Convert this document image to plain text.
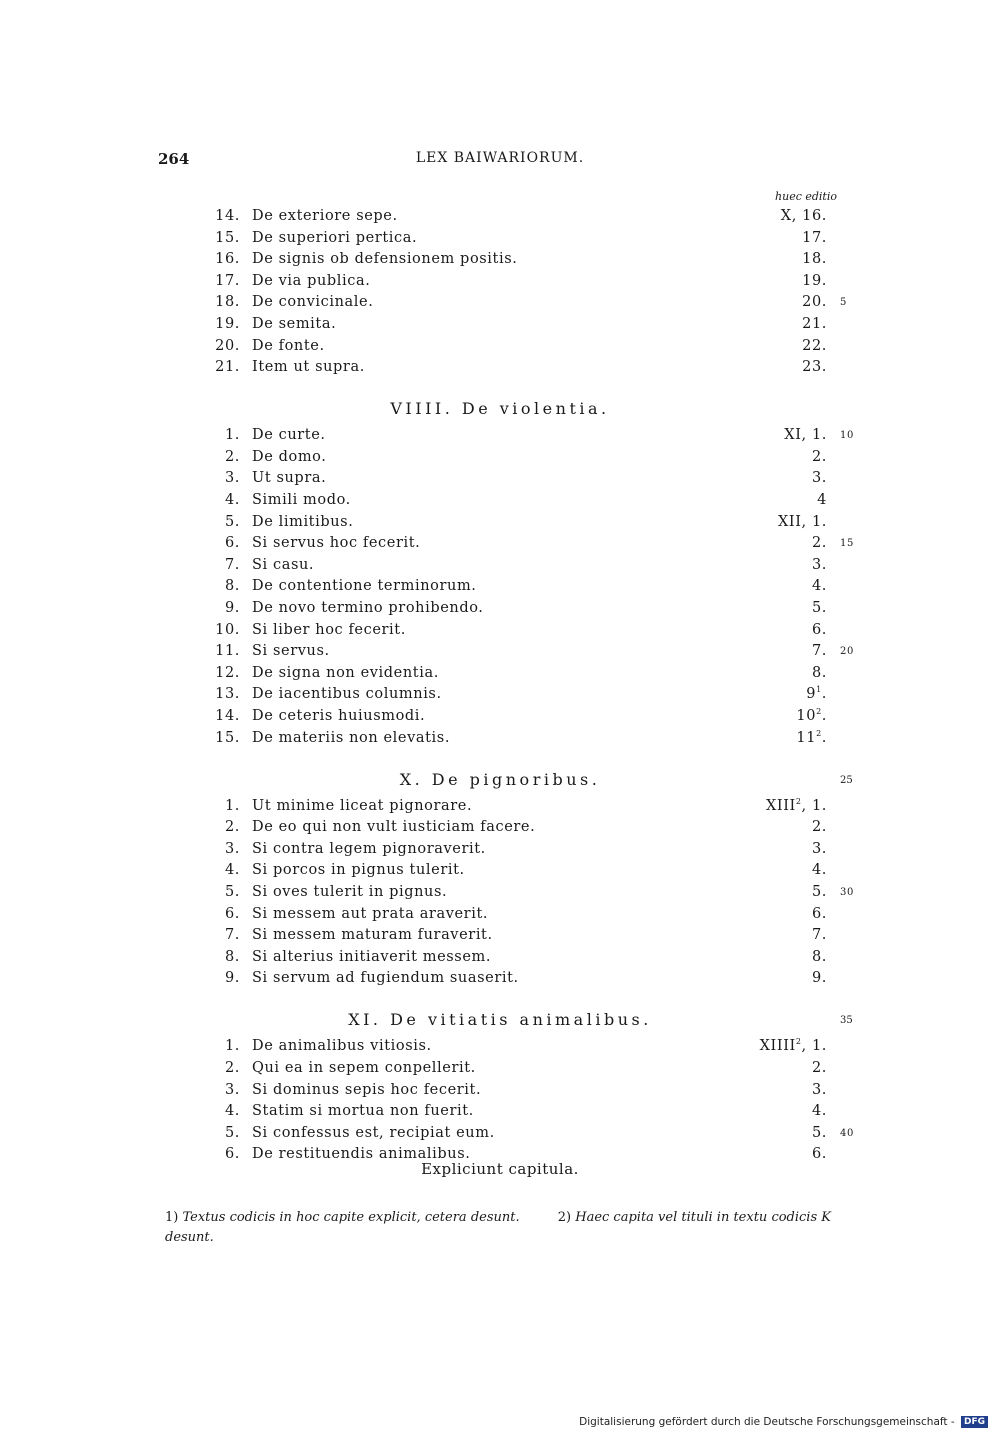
264	LEX BAIWARIORUM.
huec editio
14. De exteriore sepe.	X, 16.
15. De superiori pertica.	17.
16. De signis ob defensionem positis.	18.
17. De via publica.	19.
18. De convicinale.	20. 5
19. De semita.	21.
20. De fonte.	22.
21. Item ut supra.	23.
VIIII. De violentia.
1. De curte.	XI, 1. 10
2. De domo.	2.
3. Ut supra.	3.
4. Simili modo.	4
5. De limitibus.	XII, 1.
6. Si servus hoc fecerit.	2. 15
7. Si casu.	3.
8. De contentione terminorum.	4.
9. De novo termino prohibendo.	5.
10. Si liber hoc fecerit.	6.
11. Si servus.	7. 20
12. De signa non evidentia.	8.
13. De iacentibus columnis.	$9^1$.
14. De ceteris huiusmodi.	$10^2$.
15. De materiis non elevatis.	$11^2$.
X. De pignoribus.	25
1. Ut minime liceat pignorare.	XIII$^2$, 1.
2. De eo qui non vult iusticiam facere.	2.
3. Si contra legem pignoraverit.	3.
4. Si porcos in pignus tulerit.	4.
5. Si oves tulerit in pignus.	5. 30
6. Si messem aut prata araverit.	6.
7. Si messem maturam furaverit.	7.
8. Si alterius initiaverit messem.	8.
9. Si servum ad fugiendum suaserit.	9.
XI. De vitiatis animalibus.	35
1. De animalibus vitiosis.	XIIII$^2$, 1.
2. Qui ea in sepem conpellerit.	2.
3. Si dominus sepis hoc fecerit.	3.
4. Statim si mortua non fuerit.	4.
5. Si confessus est, recipiat eum.	5. 40
6. De restituendis animalibus.	6.
Expliciunt capitula.
1) Textus codicis in hoc capite explicit, cetera desunt.	2) Haec capita vel tituli in textu codicis K desunt.
Digitalisierung gefördert durch die Deutsche Forschungsgemeinschaft - DFG
